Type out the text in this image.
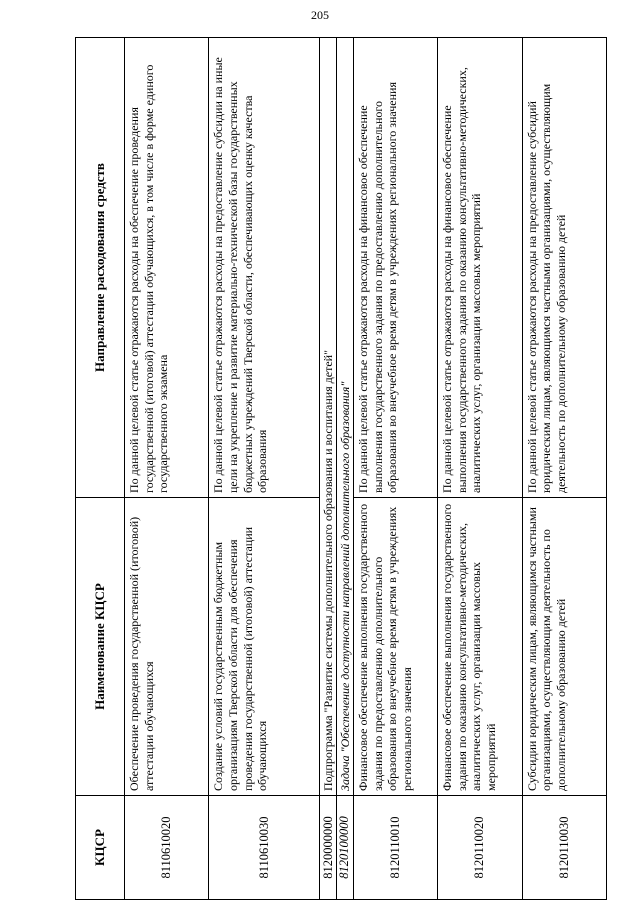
205
КЦСР	Наименование КЦСР	Направление расходования средств
8110610020	Обеспечение проведения государственной (итоговой) аттестации обучающихся	По данной целевой статье отражаются расходы на обеспечение проведения государственной (итоговой) аттестации обучающихся, в том числе в форме единого государственного экзамена
8110610030	Создание условий государственным бюджетным организациям Тверской области для обеспечения проведения государственной (итоговой) аттестации обучающихся	По данной целевой статье отражаются расходы на предоставление субсидии на иные цели на укрепление и развитие материально-технической базы государственных бюджетных учреждений Тверской области, обеспечивающих оценку качества образования
8120000000	Подпрограмма "Развитие системы дополнительного образования и воспитания детей"	
8120100000	Задача "Обеспечение доступности направлений дополнительного образования"	
8120110010	Финансовое обеспечение выполнения государственного задания по предоставлению дополнительного образования во внеучебное время детям в учреждениях регионального значения	По данной целевой статье отражаются расходы на финансовое обеспечение выполнения государственного задания по предоставлению дополнительного образования во внеучебное время детям в учреждениях регионального значения
8120110020	Финансовое обеспечение выполнения государственного задания по оказанию консультативно-методических, аналитических услуг, организации массовых мероприятий	По данной целевой статье отражаются расходы на финансовое обеспечение выполнения государственного задания по оказанию консультативно-методических, аналитических услуг, организации массовых мероприятий
8120110030	Субсидии юридическим лицам, являющимся частными организациями, осуществляющим деятельность по дополнительному образованию детей	По данной целевой статье отражаются расходы на предоставление субсидий юридическим лицам, являющимся частными организациями, осуществляющим деятельность по дополнительному образованию детей
